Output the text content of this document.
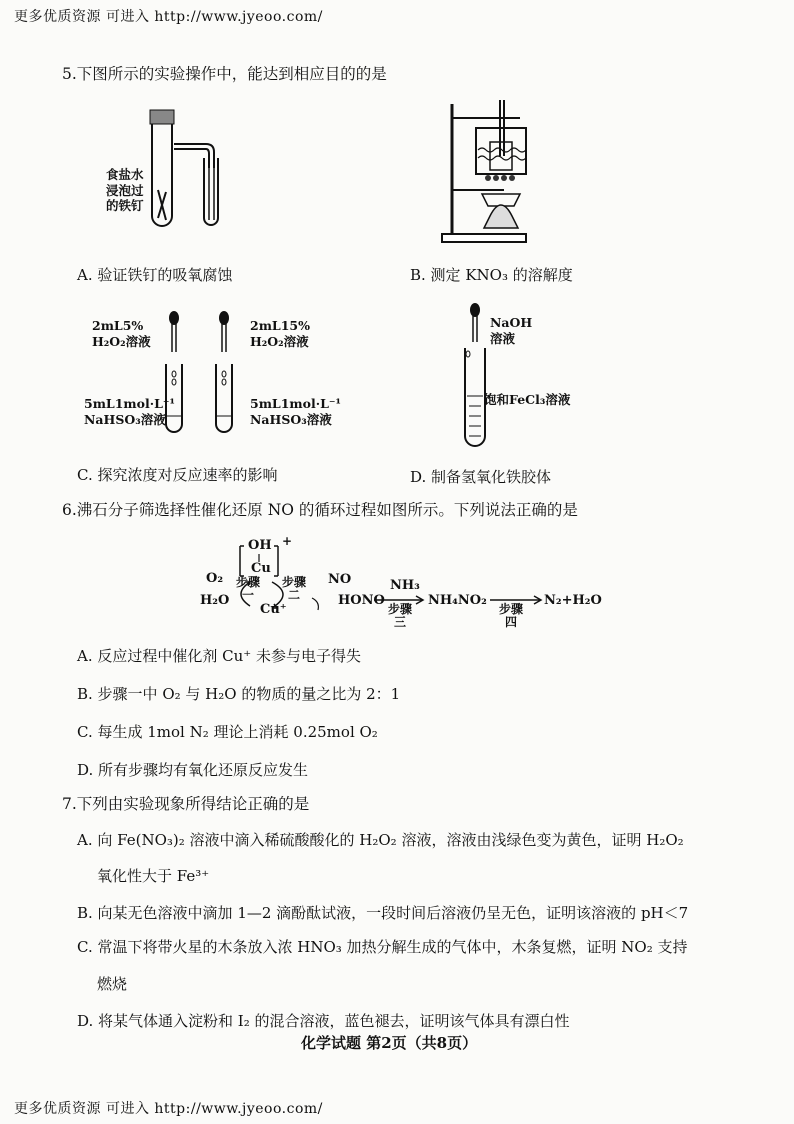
更多优质资源 可进入 http://www.jyeoo.com/
更多优质资源 可进入 http://www.jyeoo.com/
化学试题 第2页（共8页）
5.下图所示的实验操作中，能达到相应目的的是
食盐水
浸泡过
的铁钉
A. 验证铁钉的吸氧腐蚀	B. 测定 KNO₃ 的溶解度
2mL5%
H₂O₂溶液
2mL15%
H₂O₂溶液
5mL1mol·L⁻¹
NaHSO₃溶液
5mL1mol·L⁻¹
NaHSO₃溶液
NaOH
溶液
饱和FeCl₃溶液
C. 探究浓度对反应速率的影响	D. 制备氢氧化铁胶体
6.沸石分子筛选择性催化还原 NO 的循环过程如图所示。下列说法正确的是
OH
Cu
+
O₂
H₂O
步骤
一
步骤
二
NO
Cu⁺
HONO
NH₃
步骤
三
NH₄NO₂
步骤
四
N₂+H₂O
A. 反应过程中催化剂 Cu⁺ 未参与电子得失
B. 步骤一中 O₂ 与 H₂O 的物质的量之比为 2：1
C. 每生成 1mol N₂ 理论上消耗 0.25mol O₂
D. 所有步骤均有氧化还原反应发生
7.下列由实验现象所得结论正确的是
A. 向 Fe(NO₃)₂ 溶液中滴入稀硫酸酸化的 H₂O₂ 溶液，溶液由浅绿色变为黄色，证明 H₂O₂
氧化性大于 Fe³⁺
B. 向某无色溶液中滴加 1—2 滴酚酞试液，一段时间后溶液仍呈无色，证明该溶液的 pH＜7
C. 常温下将带火星的木条放入浓 HNO₃ 加热分解生成的气体中，木条复燃，证明 NO₂ 支持
燃烧
D. 将某气体通入淀粉和 I₂ 的混合溶液，蓝色褪去，证明该气体具有漂白性
